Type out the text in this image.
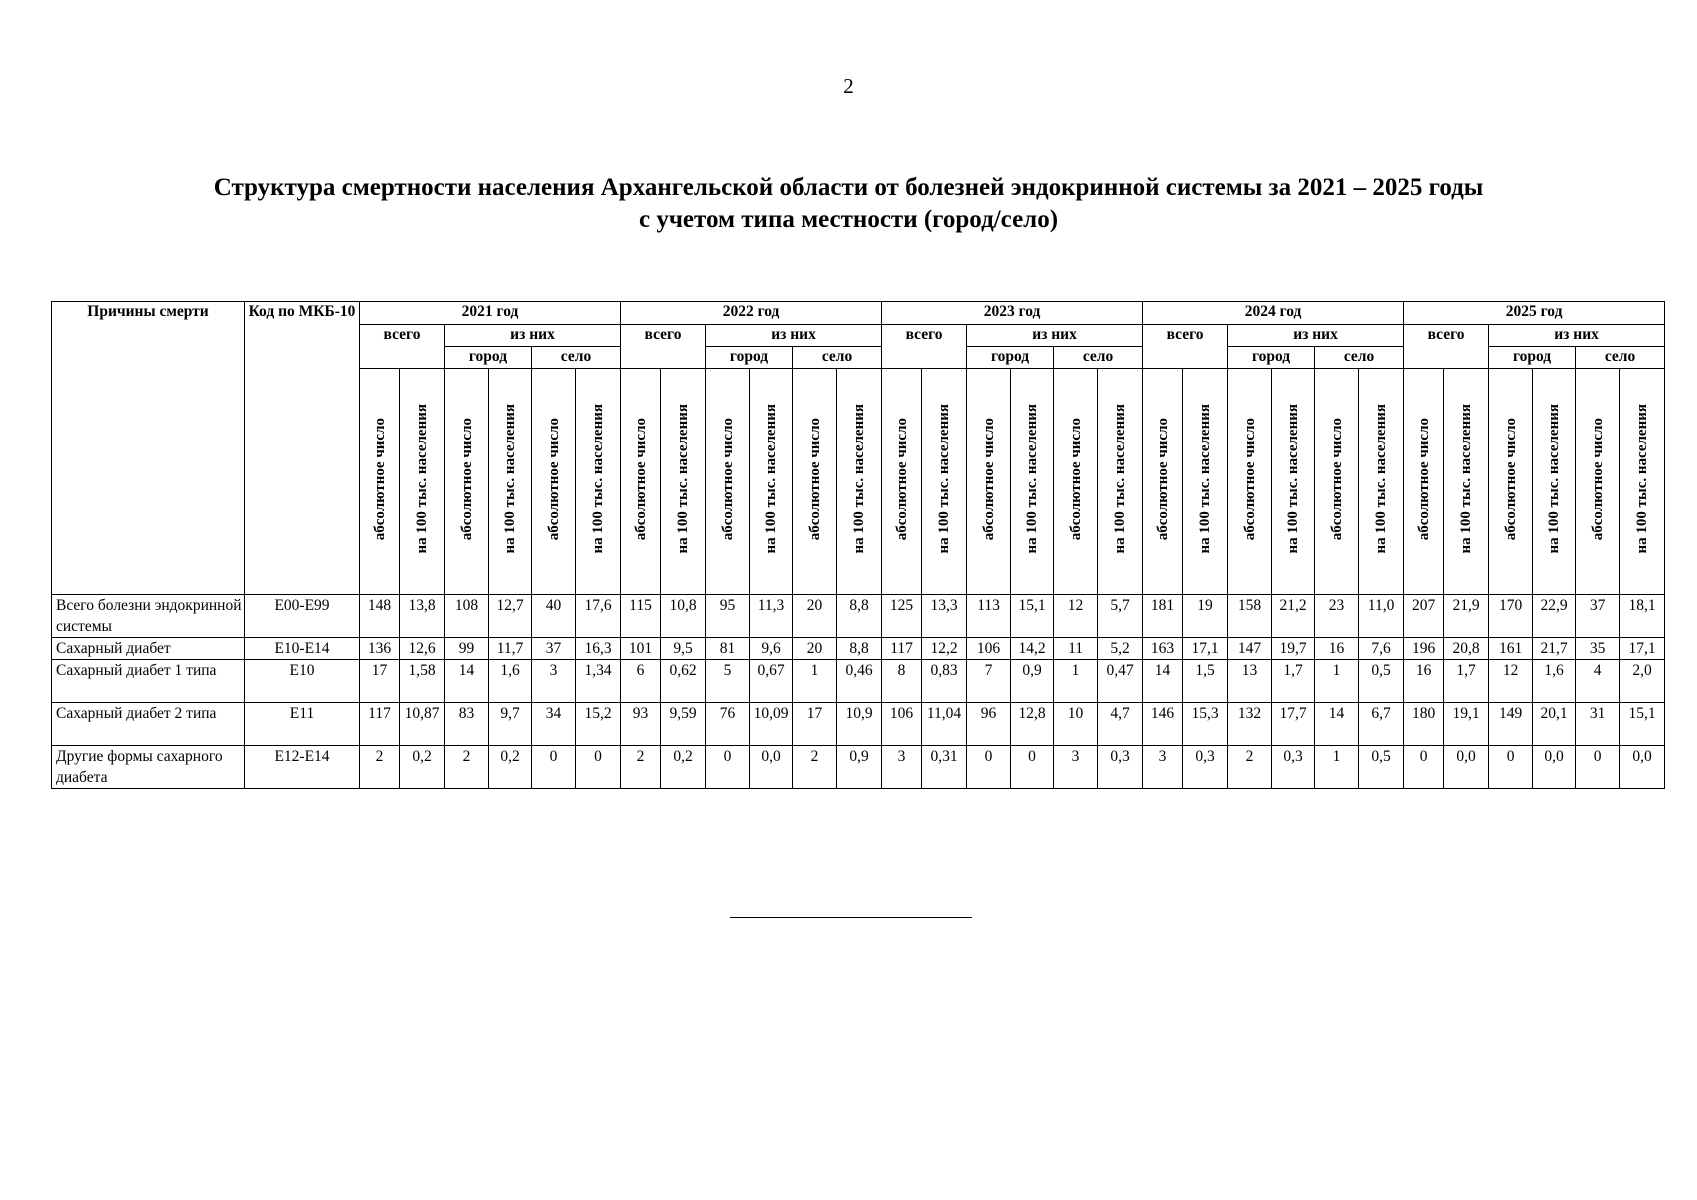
2
Структура смертности населения Архангельской области от болезней эндокринной системы за 2021 – 2025 годы
с учетом типа местности (город/село)
Причины смерти	Код по МКБ-10	2021 год						2022 год						2023 год						2024 год						2025 год					
		всего		из них				всего		из них				всего		из них				всего		из них				всего		из них			
				город		село				город		село				город		село				город		село				город		село	
		абсолютное число	на 100 тыс. населения	абсолютное число	на 100 тыс. населения	абсолютное число	на 100 тыс. населения	абсолютное число	на 100 тыс. населения	абсолютное число	на 100 тыс. населения	абсолютное число	на 100 тыс. населения	абсолютное число	на 100 тыс. населения	абсолютное число	на 100 тыс. населения	абсолютное число	на 100 тыс. населения	абсолютное число	на 100 тыс. населения	абсолютное число	на 100 тыс. населения	абсолютное число	на 100 тыс. населения	абсолютное число	на 100 тыс. населения	абсолютное число	на 100 тыс. населения	абсолютное число	на 100 тыс. населения
Всего болезни эндокринной системы	E00-E99	148	13,8	108	12,7	40	17,6	115	10,8	95	11,3	20	8,8	125	13,3	113	15,1	12	5,7	181	19	158	21,2	23	11,0	207	21,9	170	22,9	37	18,1
Сахарный диабет	E10-E14	136	12,6	99	11,7	37	16,3	101	9,5	81	9,6	20	8,8	117	12,2	106	14,2	11	5,2	163	17,1	147	19,7	16	7,6	196	20,8	161	21,7	35	17,1
Сахарный диабет 1 типа	E10	17	1,58	14	1,6	3	1,34	6	0,62	5	0,67	1	0,46	8	0,83	7	0,9	1	0,47	14	1,5	13	1,7	1	0,5	16	1,7	12	1,6	4	2,0
Сахарный диабет 2 типа	E11	117	10,87	83	9,7	34	15,2	93	9,59	76	10,09	17	10,9	106	11,04	96	12,8	10	4,7	146	15,3	132	17,7	14	6,7	180	19,1	149	20,1	31	15,1
Другие формы сахарного диабета	E12-E14	2	0,2	2	0,2	0	0	2	0,2	0	0,0	2	0,9	3	0,31	0	0	3	0,3	3	0,3	2	0,3	1	0,5	0	0,0	0	0,0	0	0,0
